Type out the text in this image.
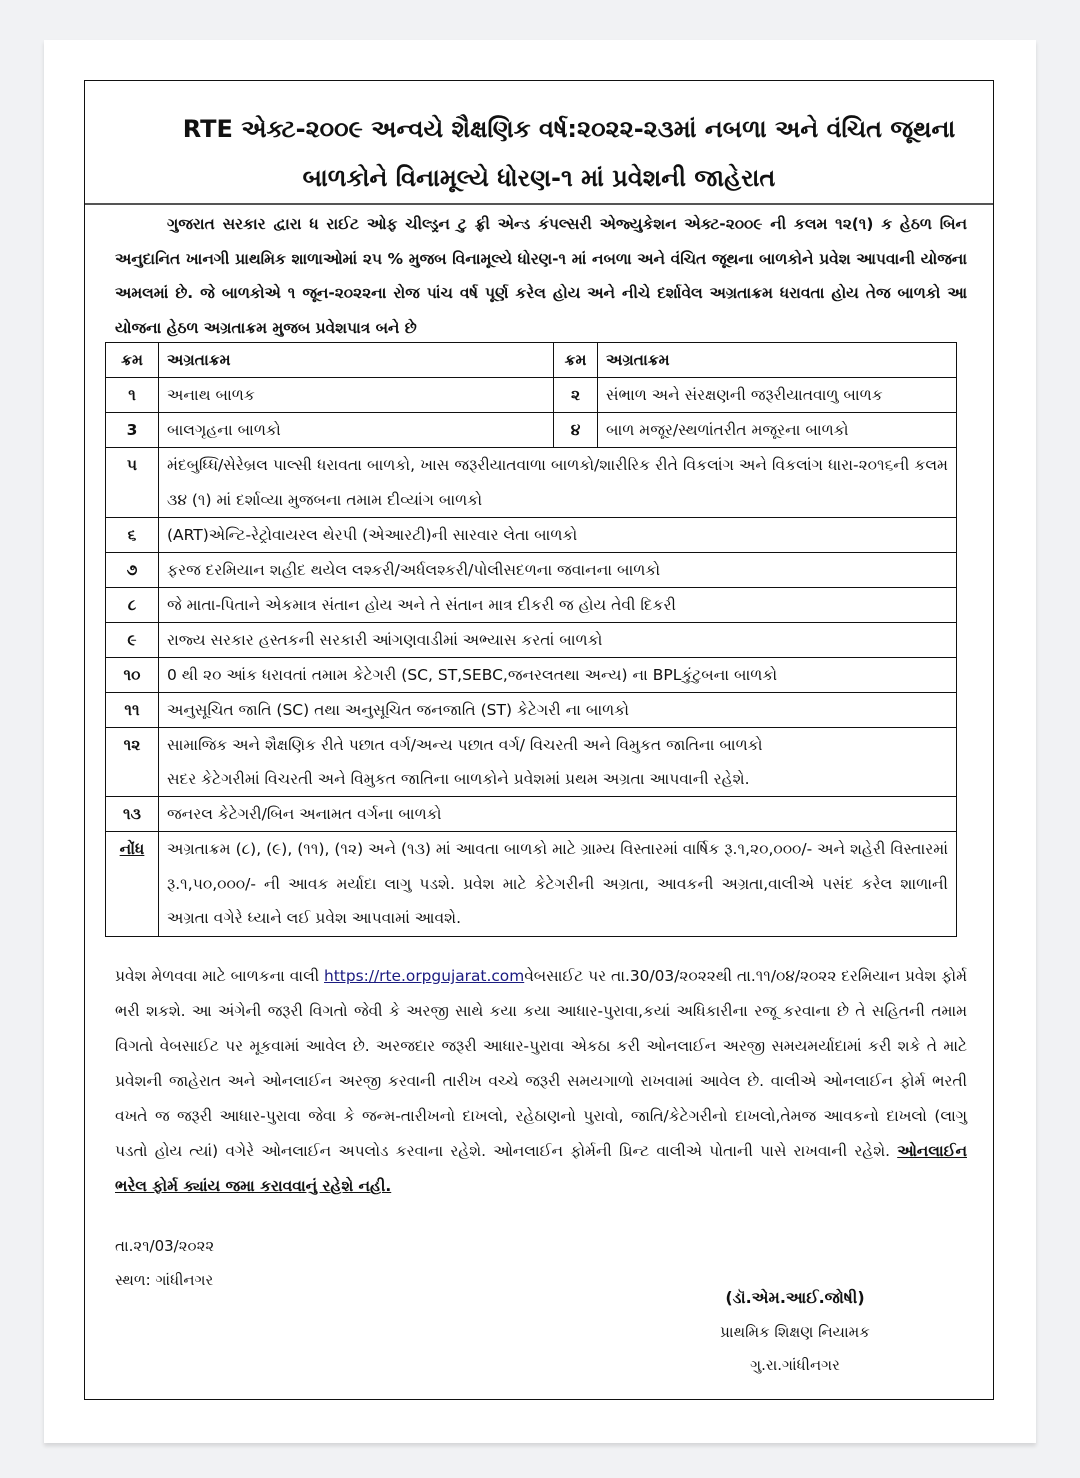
RTE એક્ટ-૨૦૦૯ અન્વયે શૈક્ષણિક વર્ષ:૨૦૨૨-૨૩માં નબળા અને વંચિત જૂથના
બાળકોને વિનામૂલ્યે ધોરણ-૧ માં પ્રવેશની જાહેરાત
ગુજરાત સરકાર દ્વારા ધ રાઈટ ઓફ ચીલ્ડ્રન ટુ ફ્રી એન્ડ કંપલ્સરી એજ્યુકેશન એક્ટ-૨૦૦૯ ની કલમ ૧૨(૧) ક હેઠળ બિન અનુદાનિત ખાનગી પ્રાથમિક શાળાઓમાં ૨૫ % મુજબ વિનામૂલ્યે ધોરણ-૧ માં નબળા અને વંચિત જૂથના બાળકોને પ્રવેશ આપવાની યોજના અમલમાં છે. જે બાળકોએ ૧ જૂન-૨૦૨૨ના રોજ પાંચ વર્ષ પૂર્ણ કરેલ હોય અને નીચે દર્શાવેલ અગ્રતાક્રમ ધરાવતા હોય તેજ બાળકો આ યોજના હેઠળ અગ્રતાક્રમ મુજબ પ્રવેશપાત્ર બને છે
ક્રમ	અગ્રતાક્રમ	ક્રમ	અગ્રતાક્રમ
૧	અનાથ બાળક	૨	સંભાળ અને સંરક્ષણની જરૂરીયાતવાળુ બાળક
3	બાલગૃહના બાળકો	૪	બાળ મજૂર/સ્થળાંતરીત મજૂરના બાળકો
૫	મંદબુધ્ધિ/સેરેબ્રલ પાલ્સી ધરાવતા બાળકો, ખાસ જરૂરીયાતવાળા બાળકો/શારીરિક રીતે વિકલાંગ અને વિકલાંગ ધારા-૨૦૧૬ની કલમ ૩૪ (૧) માં દર્શાવ્યા મુજબના તમામ દીવ્યાંગ બાળકો		
૬	(ART)એન્ટિ-રેટ્રોવાયરલ થેરપી (એઆરટી)ની સારવાર લેતા બાળકો		
૭	ફરજ દરમિયાન શહીદ થયેલ લશ્કરી/અર્ધલશ્કરી/પોલીસદળના જવાનના બાળકો		
૮	જે માતા-પિતાને એકમાત્ર સંતાન હોય અને તે સંતાન માત્ર દીકરી જ હોય તેવી દિકરી		
૯	રાજ્ય સરકાર હસ્તકની સરકારી આંગણવાડીમાં અભ્યાસ કરતાં બાળકો		
૧૦	0 થી ૨૦ આંક ધરાવતાં તમામ કેટેગરી (SC, ST,SEBC,જનરલતથા અન્ય) ના BPLકુંટુબના બાળકો		
૧૧	અનુસૂચિત જાતિ (SC) તથા અનુસૂચિત જનજાતિ (ST) કેટેગરી ના બાળકો		
૧૨	સામાજિક અને શૈક્ષણિક રીતે પછાત વર્ગ/અન્ય પછાત વર્ગ/ વિચરતી અને વિમુકત જાતિના બાળકો
સદર કેટેગરીમાં વિચરતી અને વિમુકત જાતિના બાળકોને પ્રવેશમાં પ્રથમ અગ્રતા આપવાની રહેશે.		

૧૩	જનરલ કેટેગરી/બિન અનામત વર્ગના બાળકો		
નોંધ	અગ્રતાક્રમ (૮), (૯), (૧૧), (૧૨) અને (૧૩) માં આવતા બાળકો માટે ગ્રામ્ય વિસ્તારમાં વાર્ષિક રૂ.૧,૨૦,૦૦૦/- અને શહેરી વિસ્તારમાં રૂ.૧,૫૦,૦૦૦/- ની આવક મર્યાદા લાગુ પડશે. પ્રવેશ માટે કેટેગરીની અગ્રતા, આવકની અગ્રતા,વાલીએ પસંદ કરેલ શાળાની અગ્રતા વગેરે ધ્યાને લઈ પ્રવેશ આપવામાં આવશે.		
પ્રવેશ મેળવવા માટે બાળકના વાલી https://rte.orpgujarat.comવેબસાઈટ પર તા.30/03/૨૦૨૨થી તા.૧૧/૦૪/૨૦૨૨ દરમિયાન પ્રવેશ ફોર્મ ભરી શકશે. આ અંગેની જરૂરી વિગતો જેવી કે અરજી સાથે કયા કયા આધાર-પુરાવા,કયાં અધિકારીના રજૂ કરવાના છે તે સહિતની તમામ વિગતો વેબસાઈટ પર મૂકવામાં આવેલ છે. અરજદાર જરૂરી આધાર-પુરાવા એકઠા કરી ઓનલાઈન અરજી સમયમર્યાદામાં કરી શકે તે માટે પ્રવેશની જાહેરાત અને ઓનલાઈન અરજી કરવાની તારીખ વચ્ચે જરૂરી સમયગાળો રાખવામાં આવેલ છે. વાલીએ ઓનલાઈન ફોર્મ ભરતી વખતે જ જરૂરી આધાર-પુરાવા જેવા કે જન્મ-તારીખનો દાખલો, રહેઠાણનો પુરાવો, જાતિ/કેટેગરીનો દાખલો,તેમજ આવકનો દાખલો (લાગુ પડતો હોય ત્યાં) વગેરે ઓનલાઈન અપલોડ કરવાના રહેશે. ઓનલાઈન ફોર્મની પ્રિન્ટ વાલીએ પોતાની પાસે રાખવાની રહેશે. ઓનલાઈન ભરેલ ફોર્મ ક્યાંય જમા કરાવવાનું રહેશે નહી.
તા.૨૧/03/૨૦૨૨
સ્થળ: ગાંધીનગર
(ડૉ.એમ.આઈ.જોષી)
પ્રાથમિક શિક્ષણ નિયામક
ગુ.રા.ગાંધીનગર
